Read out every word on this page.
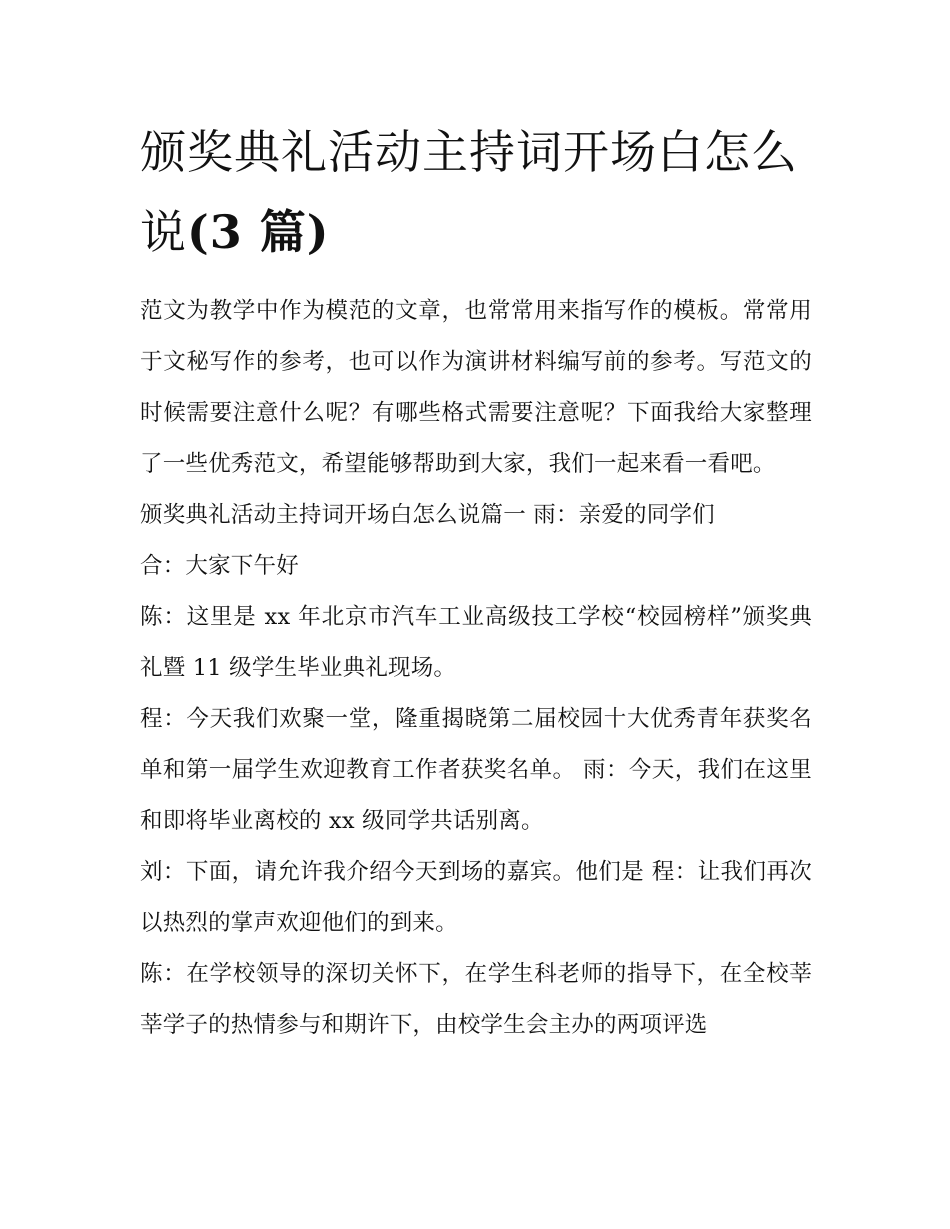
颁奖典礼活动主持词开场白怎么说(3 篇)

范文为教学中作为模范的文章，也常常用来指写作的模板。常常用于文秘写作的参考，也可以作为演讲材料编写前的参考。写范文的时候需要注意什么呢？有哪些格式需要注意呢？下面我给大家整理了一些优秀范文，希望能够帮助到大家，我们一起来看一看吧。

颁奖典礼活动主持词开场白怎么说篇一 雨：亲爱的同学们

合：大家下午好

陈：这里是 xx 年北京市汽车工业高级技工学校“校园榜样”颁奖典礼暨 11 级学生毕业典礼现场。

程：今天我们欢聚一堂，隆重揭晓第二届校园十大优秀青年获奖名单和第一届学生欢迎教育工作者获奖名单。 雨：今天，我们在这里和即将毕业离校的 xx 级同学共话别离。

刘：下面，请允许我介绍今天到场的嘉宾。他们是 程：让我们再次以热烈的掌声欢迎他们的到来。

陈：在学校领导的深切关怀下，在学生科老师的指导下，在全校莘莘学子的热情参与和期许下，由校学生会主办的两项评选
